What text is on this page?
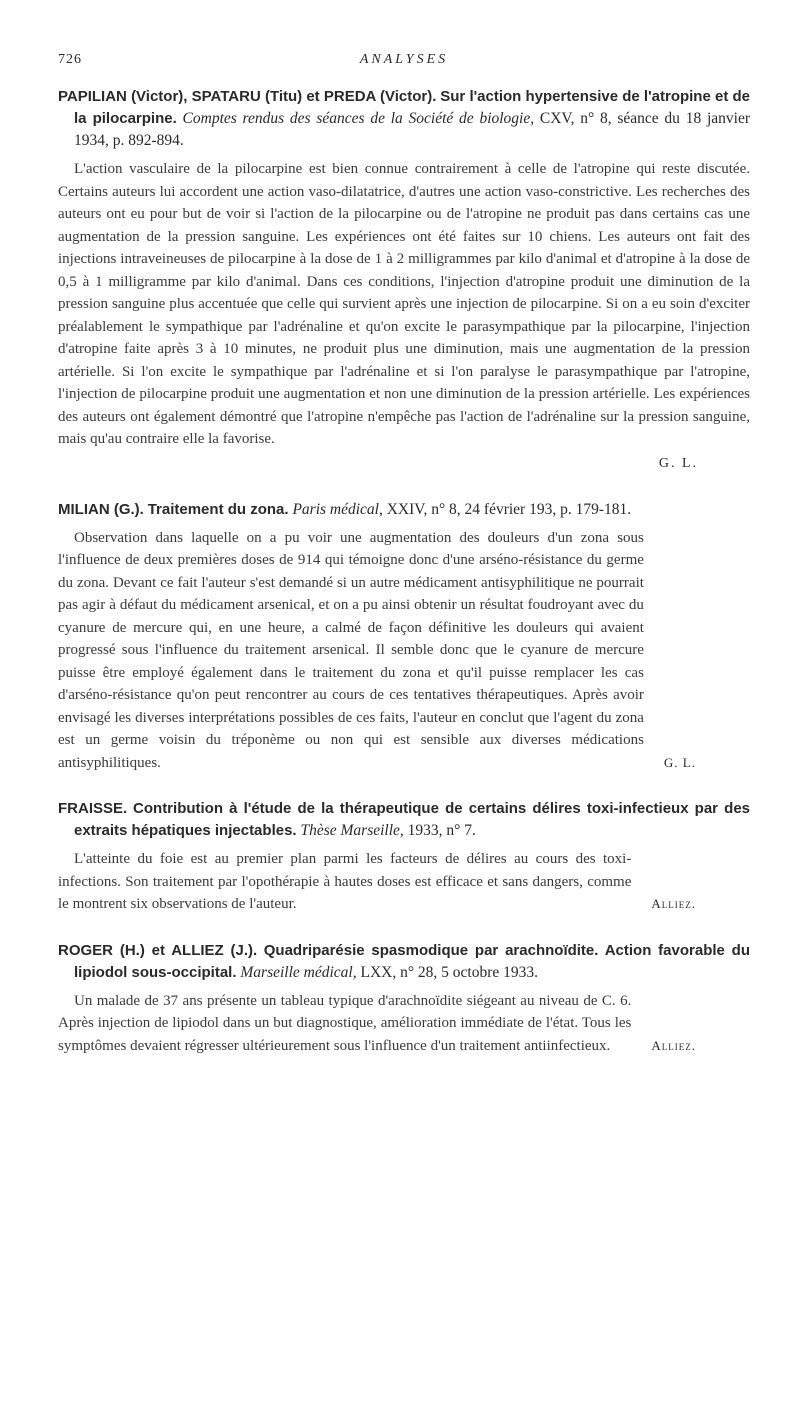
726	ANALYSES

PAPILIAN (Victor), SPATARU (Titu) et PREDA (Victor). Sur l'action hypertensive de l'atropine et de la pilocarpine. Comptes rendus des séances de la Société de biologie, CXV, n° 8, séance du 18 janvier 1934, p. 892-894.

L'action vasculaire de la pilocarpine est bien connue contrairement à celle de l'atropine qui reste discutée. Certains auteurs lui accordent une action vaso-dilatatrice, d'autres une action vaso-constrictive. Les recherches des auteurs ont eu pour but de voir si l'action de la pilocarpine ou de l'atropine ne produit pas dans certains cas une augmentation de la pression sanguine. Les expériences ont été faites sur 10 chiens. Les auteurs ont fait des injections intraveineuses de pilocarpine à la dose de 1 à 2 milligrammes par kilo d'animal et d'atropine à la dose de 0,5 à 1 milligramme par kilo d'animal. Dans ces conditions, l'injection d'atropine produit une diminution de la pression sanguine plus accentuée que celle qui survient après une injection de pilocarpine. Si on a eu soin d'exciter préalablement le sympathique par l'adrénaline et qu'on excite le parasympathique par la pilocarpine, l'injection d'atropine faite après 3 à 10 minutes, ne produit plus une diminution, mais une augmentation de la pression artérielle. Si l'on excite le sympathique par l'adrénaline et si l'on paralyse le parasympathique par l'atropine, l'injection de pilocarpine produit une augmentation et non une diminution de la pression artérielle. Les expériences des auteurs ont également démontré que l'atropine n'empêche pas l'action de l'adrénaline sur la pression sanguine, mais qu'au contraire elle la favorise.

G. L.

MILIAN (G.). Traitement du zona. Paris médical, XXIV, n° 8, 24 février 193, p. 179-181.

Observation dans laquelle on a pu voir une augmentation des douleurs d'un zona sous l'influence de deux premières doses de 914 qui témoigne donc d'une arséno-résistance du germe du zona. Devant ce fait l'auteur s'est demandé si un autre médicament antisyphilitique ne pourrait pas agir à défaut du médicament arsenical, et on a pu ainsi obtenir un résultat foudroyant avec du cyanure de mercure qui, en une heure, a calmé de façon définitive les douleurs qui avaient progressé sous l'influence du traitement arsenical. Il semble donc que le cyanure de mercure puisse être employé également dans le traitement du zona et qu'il puisse remplacer les cas d'arséno-résistance qu'on peut rencontrer au cours de ces tentatives thérapeutiques. Après avoir envisagé les diverses interprétations possibles de ces faits, l'auteur en conclut que l'agent du zona est un germe voisin du tréponème ou non qui est sensible aux diverses médications antisyphilitiques.	G. L.

FRAISSE. Contribution à l'étude de la thérapeutique de certains délires toxi-infectieux par des extraits hépatiques injectables. Thèse Marseille, 1933, n° 7.

L'atteinte du foie est au premier plan parmi les facteurs de délires au cours des toxi-infections. Son traitement par l'opothérapie à hautes doses est efficace et sans dangers, comme le montrent six observations de l'auteur.	Alliez.

ROGER (H.) et ALLIEZ (J.). Quadriparésie spasmodique par arachnoïdite. Action favorable du lipiodol sous-occipital. Marseille médical, LXX, n° 28, 5 octobre 1933.

Un malade de 37 ans présente un tableau typique d'arachnoïdite siégeant au niveau de C. 6. Après injection de lipiodol dans un but diagnostique, amélioration immédiate de l'état. Tous les symptômes devaient régresser ultérieurement sous l'influence d'un traitement antiinfectieux.	Alliez.
